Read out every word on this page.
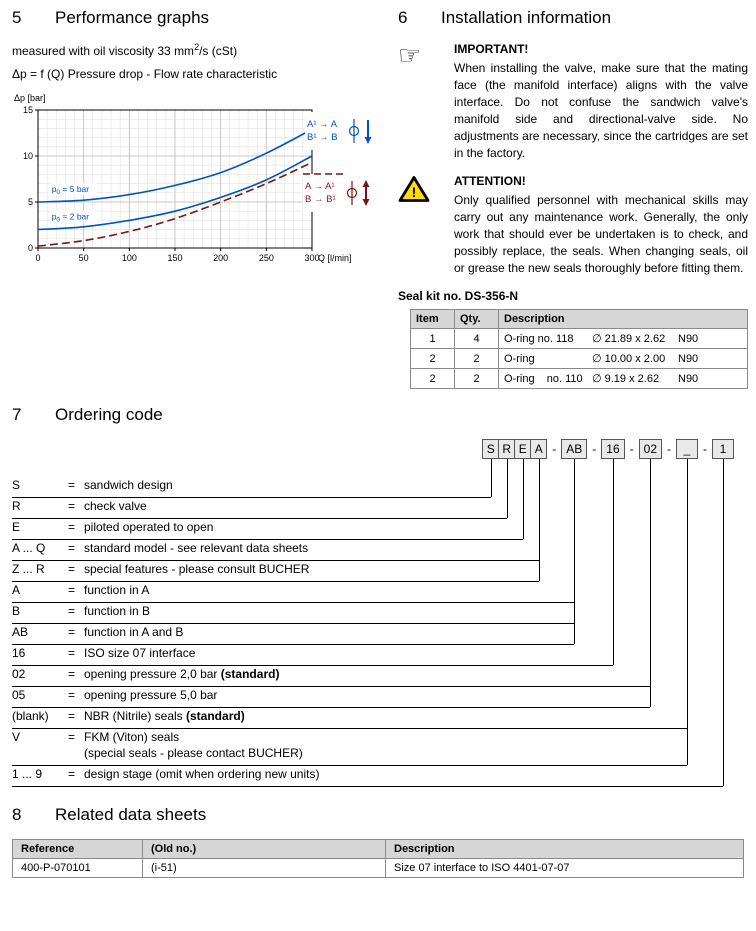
5	Performance graphs

measured with oil viscosity 33 $mm^2/s$ (cSt)

Δp = f (Q) Pressure drop - Flow rate characteristic

0	50	100	150	200	250	300
0
5
10
15
Δp [bar]
Q [l/min]
$p_0 = 5$ bar
$p_0 = 2$ bar
A¹ → A
B¹ → B
A → A¹
B → B¹
6	Installation information
☞	IMPORTANT!

When installing the valve, make sure that the mating face (the manifold interface) aligns with the valve interface. Do not confuse the sandwich valve's manifold side and directional-valve side. No adjustments are necessary, since the cartridges are set in the factory.

!
ATTENTION!

Only qualified personnel with mechanical skills may carry out any maintenance work. Generally, the only work that should ever be undertaken is to check, and possibly replace, the seals. When changing seals, oil or grease the new seals thoroughly before fitting them.

Seal kit no. DS-356-N
Item	Qty.	Description
1	4	O-ring no. 118 ∅ 21.89 x 2.62 N90
2	2	O-ring ∅ 10.00 x 2.00 N90
2	2	O-ring    no. 110 ∅ 9.19 x 2.62 N90
7	Ordering code
S R E A - AB - 16 - 02 -	_	-	1
S	= sandwich design
R	= check valve
E	= piloted operated to open
A ... Q	= standard model - see relevant data sheets
Z ... R	= special features - please consult BUCHER
A	= function in A
B	= function in B
AB	= function in A and B
16	= ISO size 07 interface
02	= opening pressure 2,0 bar (standard)
05	= opening pressure 5,0 bar
(blank)	= NBR (Nitrile) seals (standard)
V	= FKM (Viton) seals
(special seals - please contact BUCHER)
1 ... 9	= design stage (omit when ordering new units)
8	Related data sheets
Reference	(Old no.)	Description
400-P-070101	(i-51)	Size 07 interface to ISO 4401-07-07
